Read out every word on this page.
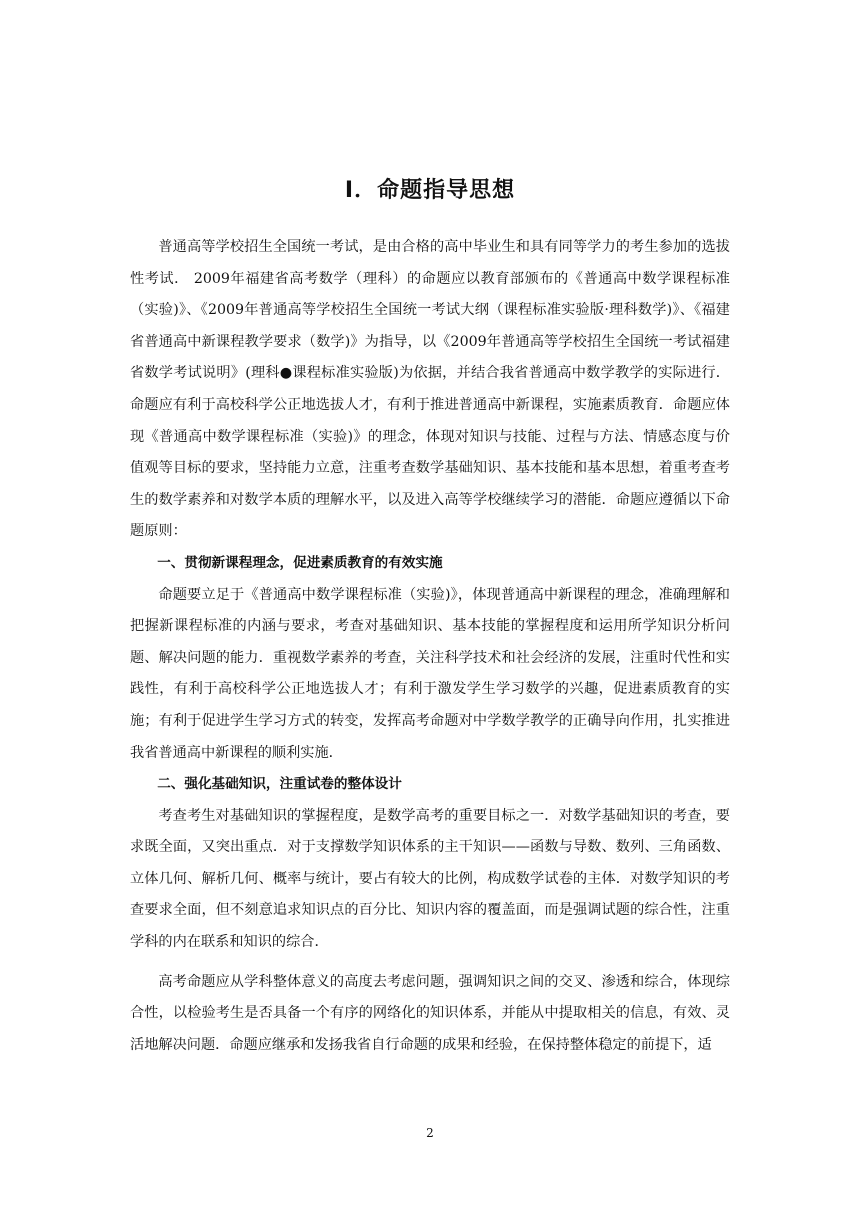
Ⅰ．命题指导思想

普通高等学校招生全国统一考试，是由合格的高中毕业生和具有同等学力的考生参加的选拔性考试． 2009年福建省高考数学（理科）的命题应以教育部颁布的《普通高中数学课程标准（实验)》、《2009年普通高等学校招生全国统一考试大纲（课程标准实验版·理科数学)》、《福建省普通高中新课程教学要求（数学)》为指导，以《2009年普通高等学校招生全国统一考试福建省数学考试说明》(理科●课程标准实验版)为依据，并结合我省普通高中数学教学的实际进行．命题应有利于高校科学公正地选拔人才，有利于推进普通高中新课程，实施素质教育．命题应体现《普通高中数学课程标准（实验)》的理念，体现对知识与技能、过程与方法、情感态度与价值观等目标的要求，坚持能力立意，注重考查数学基础知识、基本技能和基本思想，着重考查考生的数学素养和对数学本质的理解水平，以及进入高等学校继续学习的潜能．命题应遵循以下命题原则：

一、贯彻新课程理念，促进素质教育的有效实施

命题要立足于《普通高中数学课程标准（实验)》，体现普通高中新课程的理念，准确理解和把握新课程标准的内涵与要求，考查对基础知识、基本技能的掌握程度和运用所学知识分析问题、解决问题的能力．重视数学素养的考查，关注科学技术和社会经济的发展，注重时代性和实践性，有利于高校科学公正地选拔人才；有利于激发学生学习数学的兴趣，促进素质教育的实施；有利于促进学生学习方式的转变，发挥高考命题对中学数学教学的正确导向作用，扎实推进我省普通高中新课程的顺利实施．

二、强化基础知识，注重试卷的整体设计

考查考生对基础知识的掌握程度，是数学高考的重要目标之一．对数学基础知识的考查，要求既全面，又突出重点．对于支撑数学知识体系的主干知识——函数与导数、数列、三角函数、立体几何、解析几何、概率与统计，要占有较大的比例，构成数学试卷的主体．对数学知识的考查要求全面，但不刻意追求知识点的百分比、知识内容的覆盖面，而是强调试题的综合性，注重学科的内在联系和知识的综合．

高考命题应从学科整体意义的高度去考虑问题，强调知识之间的交叉、渗透和综合，体现综合性，以检验考生是否具备一个有序的网络化的知识体系，并能从中提取相关的信息，有效、灵活地解决问题．命题应继承和发扬我省自行命题的成果和经验，在保持整体稳定的前提下，适

2
